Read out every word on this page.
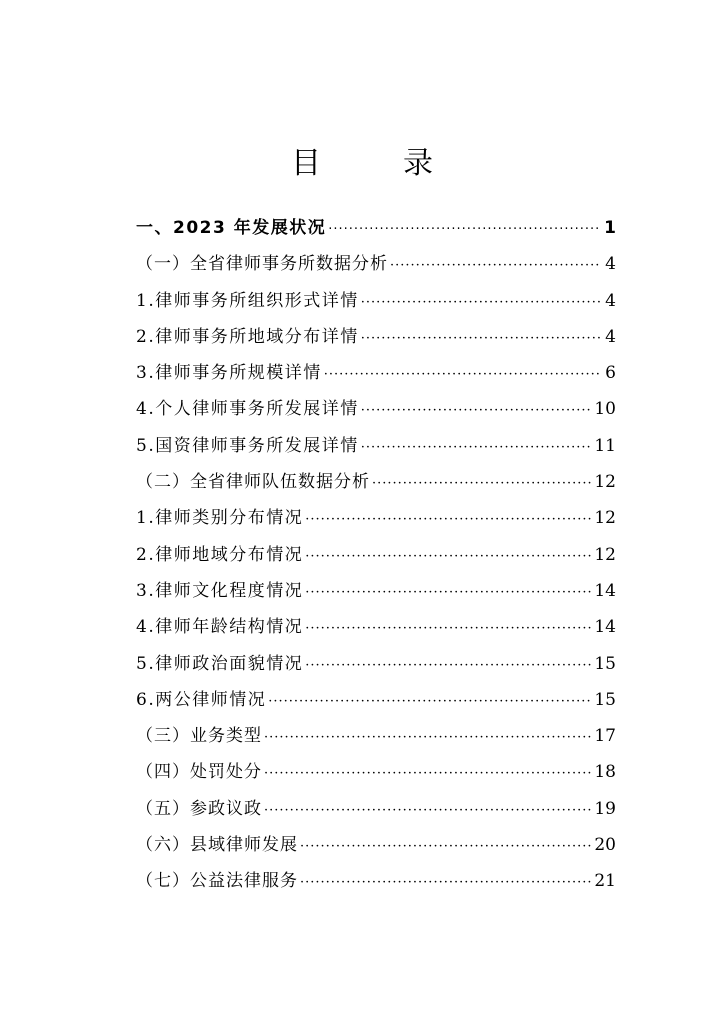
目　录
一、2023 年发展状况 ·····	1
（一）全省律师事务所数据分析 ·····	4
1.律师事务所组织形式详情 ·····	4
2.律师事务所地域分布详情 ·····	4
3.律师事务所规模详情 ·····	6
4.个人律师事务所发展详情 ·····	10
5.国资律师事务所发展详情 ·····	11
（二）全省律师队伍数据分析 ·····	12
1.律师类别分布情况 ·····	12
2.律师地域分布情况 ·····	12
3.律师文化程度情况 ·····	14
4.律师年龄结构情况 ·····	14
5.律师政治面貌情况 ·····	15
6.两公律师情况 ·····	15
（三）业务类型 ·····	17
（四）处罚处分 ·····	18
（五）参政议政 ·····	19
（六）县域律师发展 ·····	20
（七）公益法律服务 ·····	21
